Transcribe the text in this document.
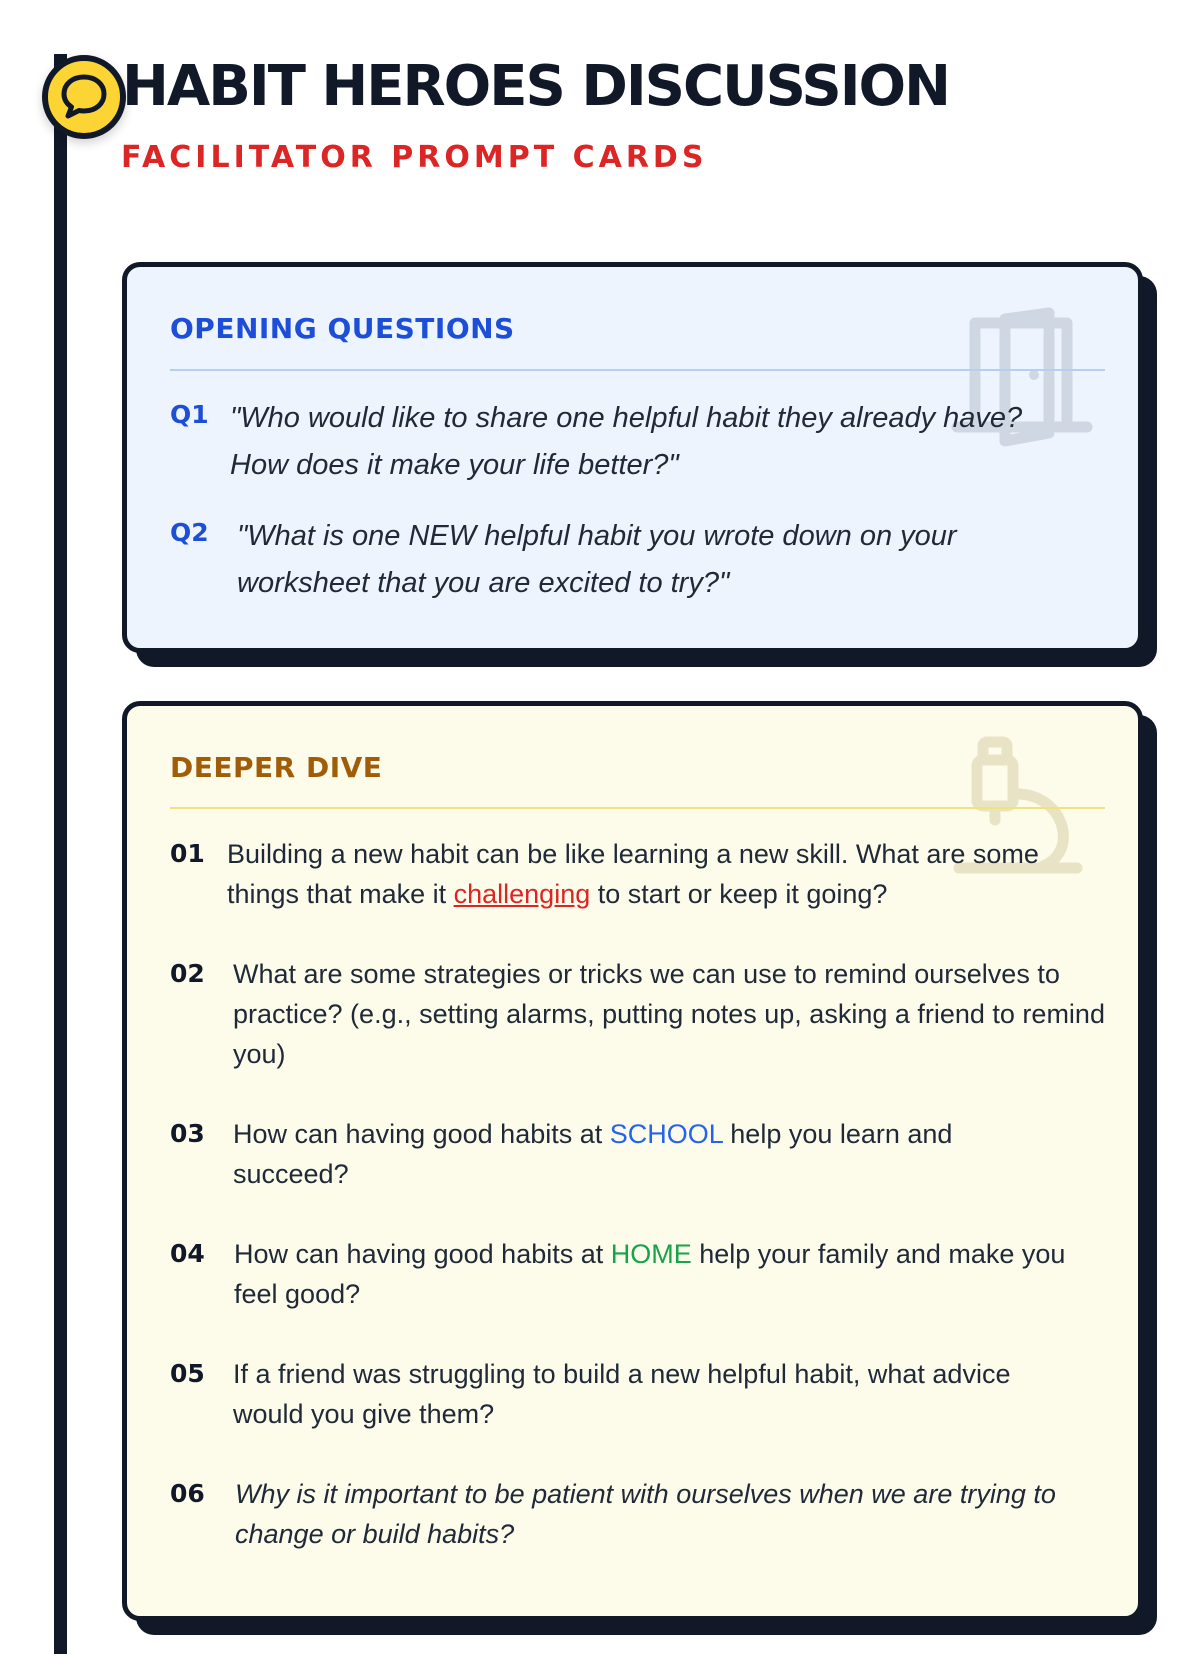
HABIT HEROES DISCUSSION
FACILITATOR PROMPT CARDS
OPENING QUESTIONS
Q1 "Who would like to share one helpful habit they already have? How does it make your life better?"

Q2 "What is one NEW helpful habit you wrote down on your worksheet that you are excited to try?"

DEEPER DIVE
01 Building a new habit can be like learning a new skill. What are some things that make it challenging to start or keep it going?

02 What are some strategies or tricks we can use to remind ourselves to practice? (e.g., setting alarms, putting notes up, asking a friend to remind you)

03 How can having good habits at SCHOOL help you learn and succeed?

04 How can having good habits at HOME help your family and make you feel good?

05 If a friend was struggling to build a new helpful habit, what advice would you give them?

06 Why is it important to be patient with ourselves when we are trying to change or build habits?
